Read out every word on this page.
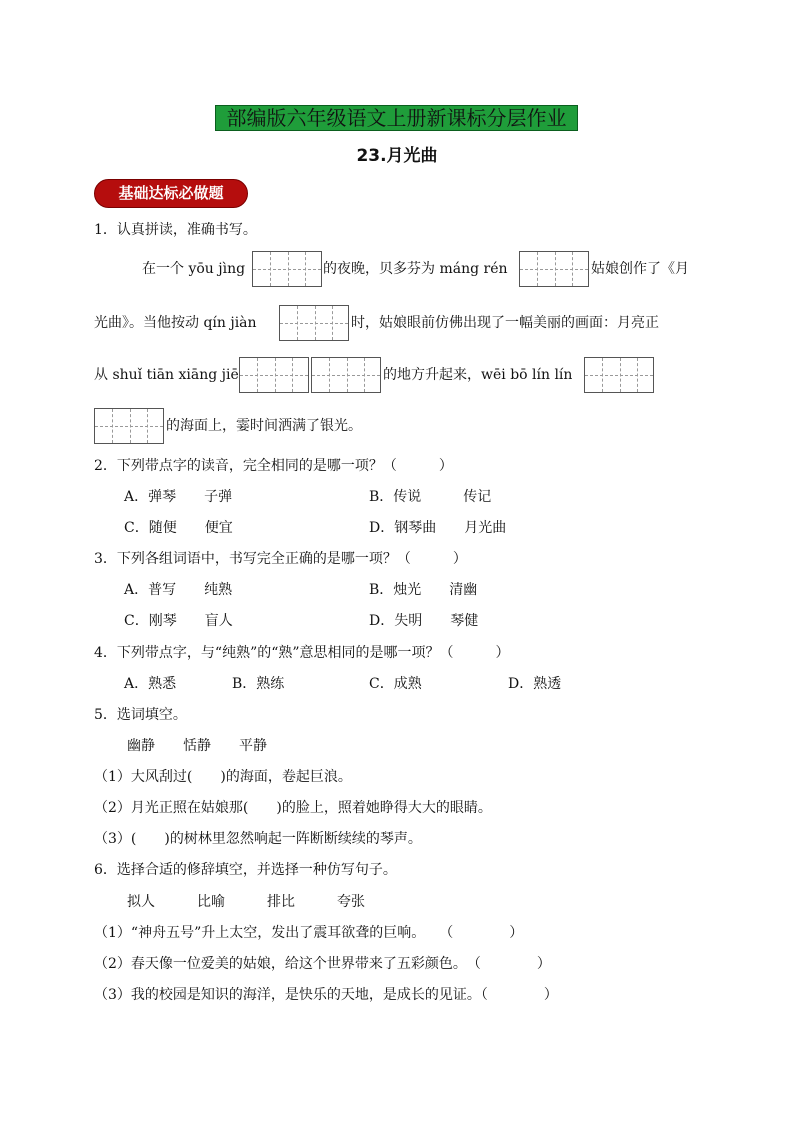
部编版六年级语文上册新课标分层作业
23.月光曲
基础达标必做题
1．认真拼读，准确书写。
在一个 yōu jìng	的夜晚，贝多芬为 máng rén	姑娘创作了《月
光曲》。当他按动 qín jiàn	时，姑娘眼前仿佛出现了一幅美丽的画面：月亮正
从 shuǐ tiān xiāng jiē	的地方升起来，wēi bō lín lín
的海面上，霎时间洒满了银光。
2．下列带点字的读音，完全相同的是哪一项？（　　　）
A．弹琴　　子弹	B．传说　　　传记
C．随便　　便宜	D．钢琴曲　　月光曲
3．下列各组词语中，书写完全正确的是哪一项？（　　　）
A．普写　　纯熟	B．烛光　　清幽
C．刚琴　　盲人	D．失明　　琴健
4．下列带点字，与“纯熟”的“熟”意思相同的是哪一项？（　　　）
A．熟悉	B．熟练	C．成熟	D．熟透
5．选词填空。
幽静　　恬静　　平静
（1）大风刮过(　　)的海面，卷起巨浪。
（2）月光正照在姑娘那(　　)的脸上，照着她睁得大大的眼睛。
（3）(　　)的树林里忽然响起一阵断断续续的琴声。
6．选择合适的修辞填空，并选择一种仿写句子。
拟人　　　比喻　　　排比　　　夸张
（1）“神舟五号”升上太空，发出了震耳欲聋的巨响。　　（　　　　）
（2）春天像一位爱美的姑娘，给这个世界带来了五彩颜色。　（　　　　）
（3）我的校园是知识的海洋，是快乐的天地，是成长的见证。（　　　　）
